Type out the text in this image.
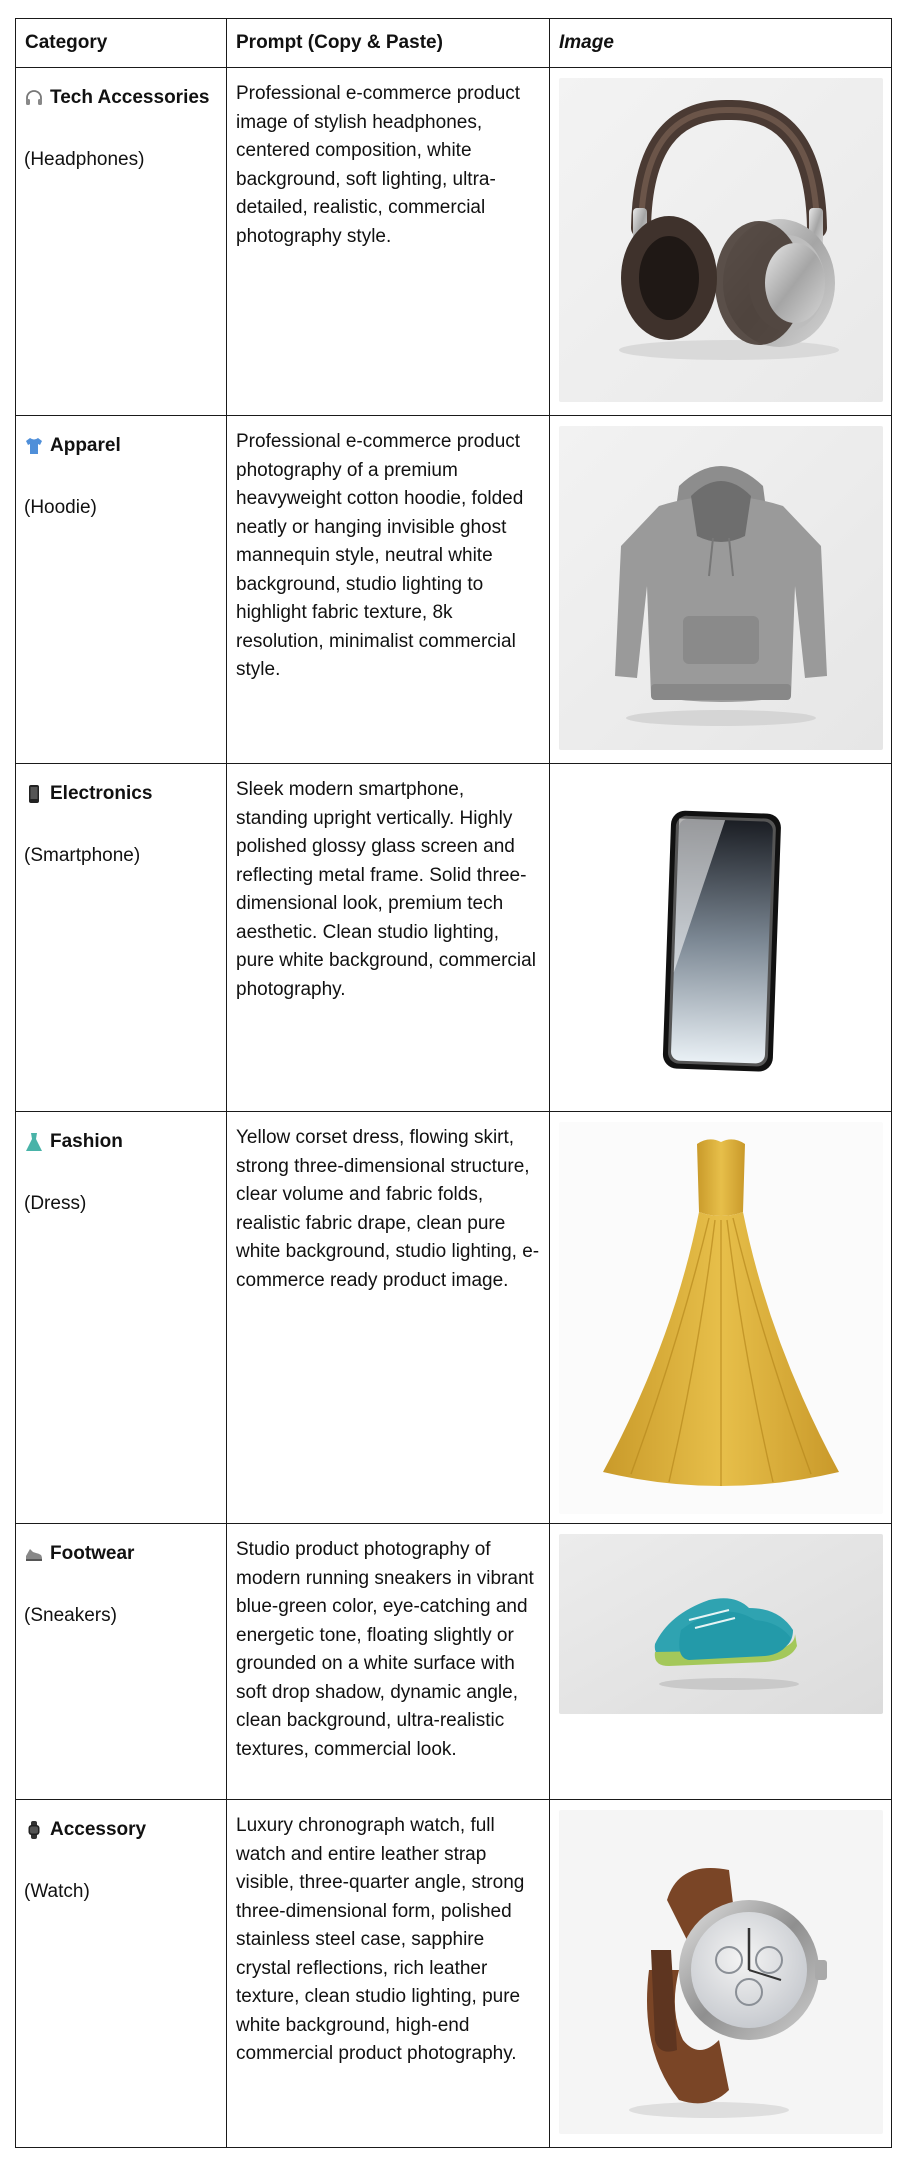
Category	Prompt (Copy & Paste)	Image

Tech Accessories
(Headphones)	Professional e-commerce product image of stylish headphones, centered composition, white background, soft lighting, ultra-detailed, realistic, commercial photography style.	

Apparel
(Hoodie)	Professional e-commerce product photography of a premium heavyweight cotton hoodie, folded neatly or hanging invisible ghost mannequin style, neutral white background, studio lighting to highlight fabric texture, 8k resolution, minimalist commercial style.	

Electronics
(Smartphone)	Sleek modern smartphone, standing upright vertically. Highly polished glossy glass screen and reflecting metal frame. Solid three-dimensional look, premium tech aesthetic. Clean studio lighting, pure white background, commercial photography.	

Fashion
(Dress)	Yellow corset dress, flowing skirt, strong three-dimensional structure, clear volume and fabric folds, realistic fabric drape, clean pure white background, studio lighting, e-commerce ready product image.	

Footwear
(Sneakers)	Studio product photography of modern running sneakers in vibrant blue-green color, eye-catching and energetic tone, floating slightly or grounded on a white surface with soft drop shadow, dynamic angle, clean background, ultra-realistic textures, commercial look.	

Accessory
(Watch)	Luxury chronograph watch, full watch and entire leather strap visible, three-quarter angle, strong three-dimensional form, polished stainless steel case, sapphire crystal reflections, rich leather texture, clean studio lighting, pure white background, high-end commercial product photography.	
